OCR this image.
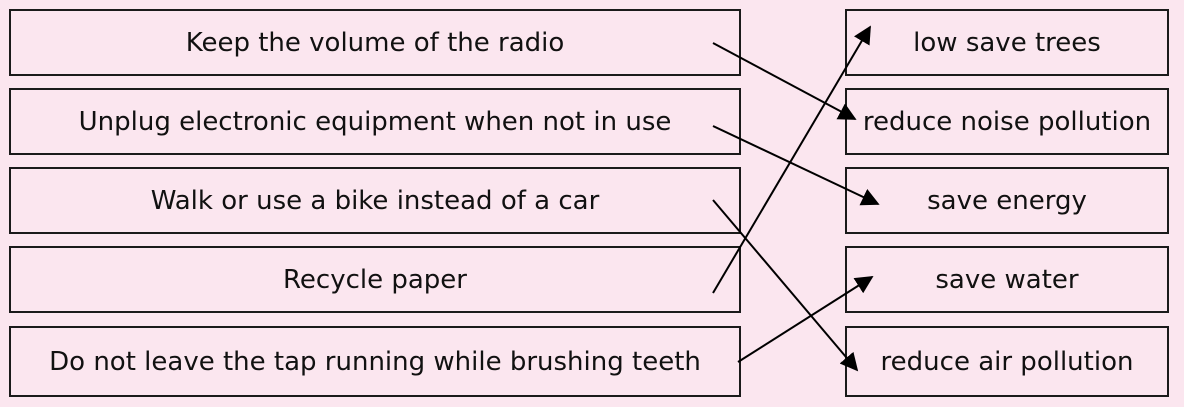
Keep the volume of the radio
Unplug electronic equipment when not in use
Walk or use a bike instead of a car
Recycle paper
Do not leave the tap running while brushing teeth
low save trees
reduce noise pollution
save energy
save water
reduce air pollution
